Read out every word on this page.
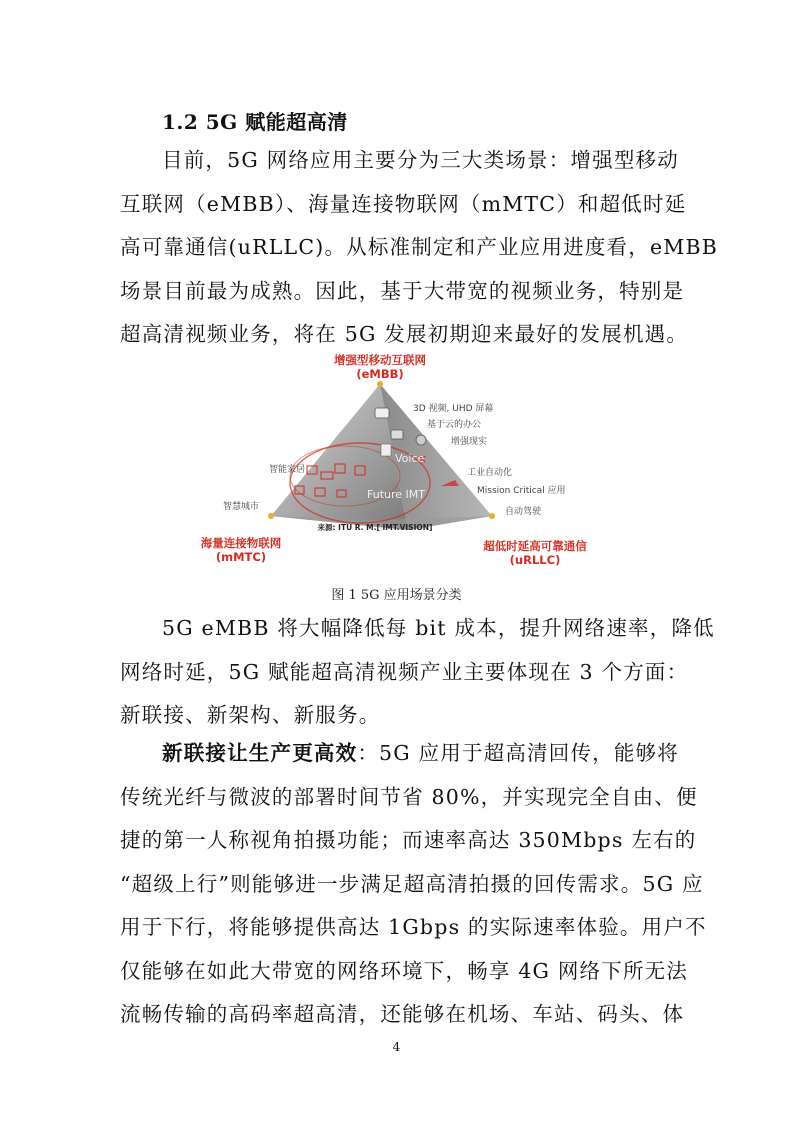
1.2 5G 赋能超高清
目前，5G 网络应用主要分为三大类场景：增强型移动
互联网（eMBB）、海量连接物联网（mMTC）和超低时延
高可靠通信(uRLLC)。从标准制定和产业应用进度看，eMBB
场景目前最为成熟。因此，基于大带宽的视频业务，特别是
超高清视频业务，将在 5G 发展初期迎来最好的发展机遇。
增强型移动互联网
(eMBB)
3D 视频, UHD 屏幕
基于云的办公
增强现实
工业自动化
Mission Critical 应用
自动驾驶
智能家居
智慧城市
Voice
Future IMT
来源: ITU R. M.[ IMT.VISION]
海量连接物联网
(mMTC)
超低时延高可靠通信
(uRLLC)
图 1 5G 应用场景分类
5G eMBB 将大幅降低每 bit 成本，提升网络速率，降低
网络时延，5G 赋能超高清视频产业主要体现在 3 个方面：
新联接、新架构、新服务。
新联接让生产更高效：5G 应用于超高清回传，能够将
传统光纤与微波的部署时间节省 80%，并实现完全自由、便
捷的第一人称视角拍摄功能；而速率高达 350Mbps 左右的
“超级上行”则能够进一步满足超高清拍摄的回传需求。5G 应
用于下行，将能够提供高达 1Gbps 的实际速率体验。用户不
仅能够在如此大带宽的网络环境下，畅享 4G 网络下所无法
流畅传输的高码率超高清，还能够在机场、车站、码头、体
4
